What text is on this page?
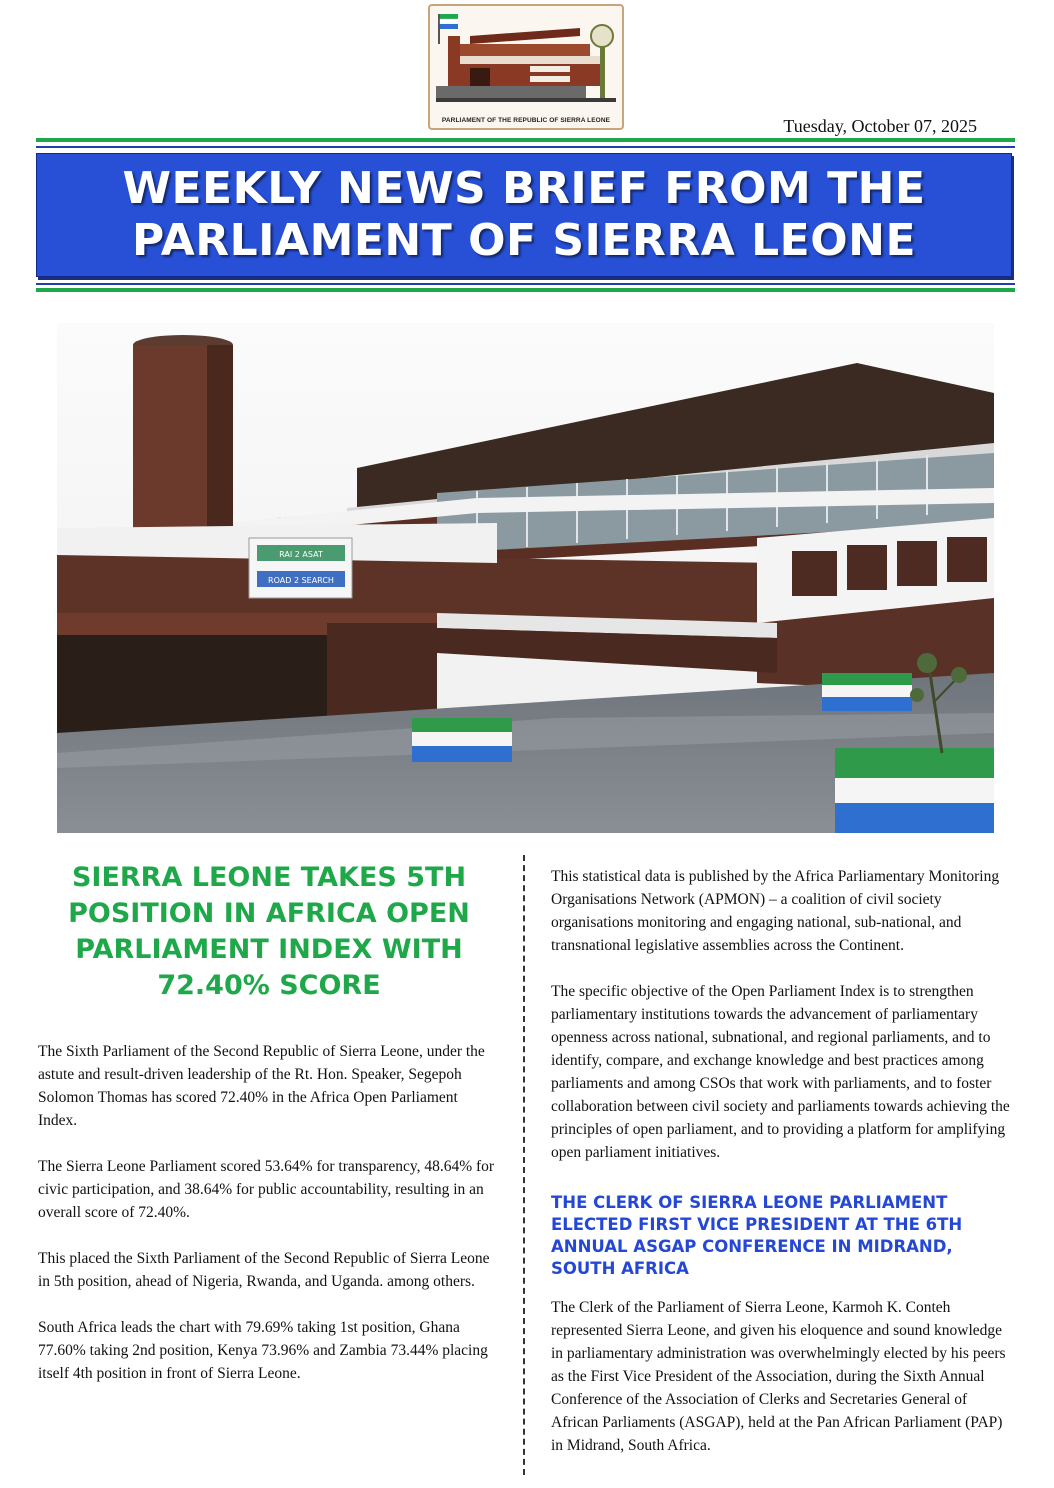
PARLIAMENT OF THE REPUBLIC OF SIERRA LEONE	Tuesday, October 07, 2025
WEEKLY NEWS BRIEF FROM THE
PARLIAMENT OF SIERRA LEONE
RAI 2 ASAT
ROAD 2 SEARCH
SIERRA LEONE TAKES 5TH POSITION IN AFRICA OPEN PARLIAMENT INDEX WITH 72.40% SCORE

The Sixth Parliament of the Second Republic of Sierra Leone, under the astute and result-driven leadership of the Rt. Hon. Speaker, Segepoh Solomon Thomas has scored 72.40% in the Africa Open Parliament Index.

The Sierra Leone Parliament scored 53.64% for transparency, 48.64% for civic participation, and 38.64% for public accountability, resulting in an overall score of 72.40%.

This placed the Sixth Parliament of the Second Republic of Sierra Leone in 5th position, ahead of Nigeria, Rwanda, and Uganda. among others.

South Africa leads the chart with 79.69% taking 1st position, Ghana 77.60% taking 2nd position, Kenya 73.96% and Zambia 73.44% placing itself 4th position in front of Sierra Leone.

This statistical data is published by the Africa Parliamentary Monitoring Organisations Network (APMON) – a coalition of civil society organisations monitoring and engaging national, sub-national, and transnational legislative assemblies across the Continent.

The specific objective of the Open Parliament Index is to strengthen parliamentary institutions towards the advancement of parliamentary openness across national, subnational, and regional parliaments, and to identify, compare, and exchange knowledge and best practices among parliaments and among CSOs that work with parliaments, and to foster collaboration between civil society and parliaments towards achieving the principles of open parliament, and to providing a platform for amplifying open parliament initiatives.

THE CLERK OF SIERRA LEONE PARLIAMENT ELECTED FIRST VICE PRESIDENT AT THE 6TH ANNUAL ASGAP CONFERENCE IN MIDRAND, SOUTH AFRICA

The Clerk of the Parliament of Sierra Leone, Karmoh K. Conteh represented Sierra Leone, and given his eloquence and sound knowledge in parliamentary administration was overwhelmingly elected by his peers as the First Vice President of the Association, during the Sixth Annual Conference of the Association of Clerks and Secretaries General of African Parliaments (ASGAP), held at the Pan African Parliament (PAP) in Midrand, South Africa.
